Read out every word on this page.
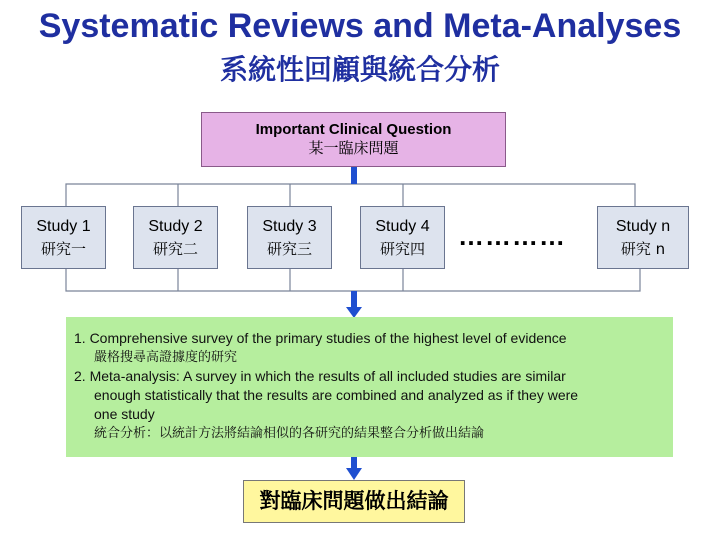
Systematic Reviews and Meta-Analyses
系統性回顧與統合分析
Important Clinical Question
某一臨床問題
Study 1
研究一
Study 2
研究二
Study 3
研究三
Study 4
研究四	…………	Study n
研究 n
1. Comprehensive survey of the primary studies of the highest level of evidence
嚴格搜尋高證據度的研究
2. Meta-analysis: A survey in which the results of all included studies are similar
enough statistically that the results are combined and analyzed as if they were
one study
統合分析：以統計方法將結論相似的各研究的結果整合分析做出結論
對臨床問題做出結論
